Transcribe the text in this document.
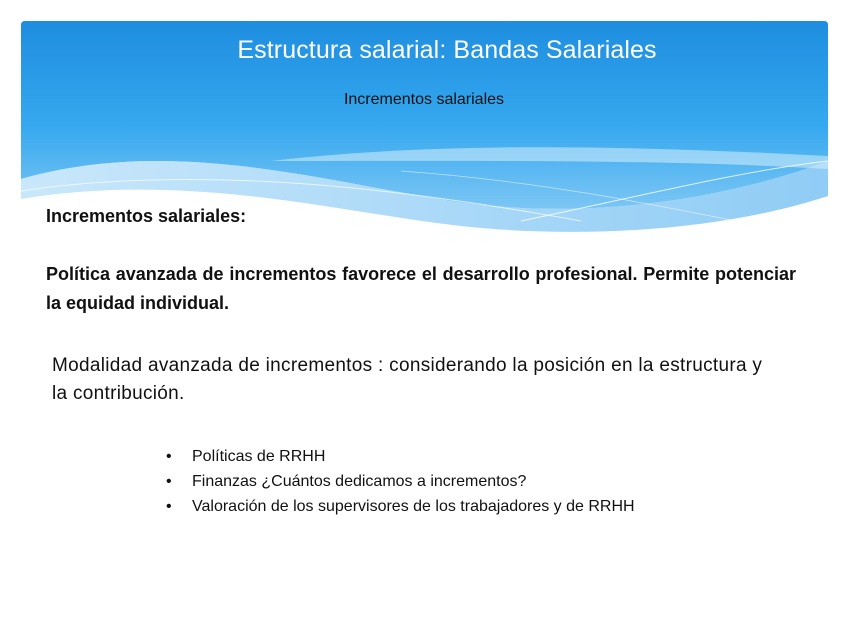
Estructura salarial: Bandas Salariales

Incrementos salariales

Incrementos salariales:

Política avanzada de incrementos favorece el desarrollo profesional. Permite potenciar la equidad individual.

Modalidad avanzada de incrementos : considerando la posición en la estructura y la contribución.

• Políticas de RRHH
• Finanzas ¿Cuántos dedicamos a incrementos?
• Valoración de los supervisores de los trabajadores y de RRHH
